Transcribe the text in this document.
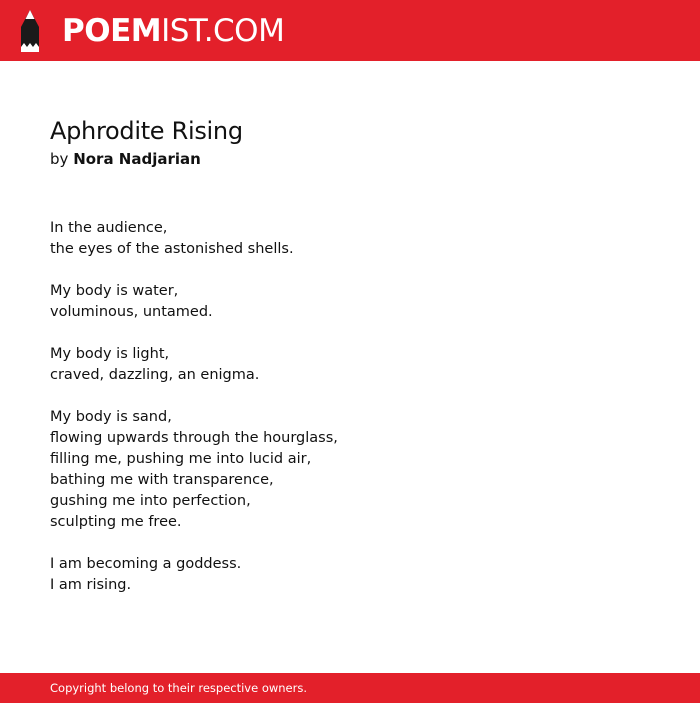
POEMIST.COM
Aphrodite Rising
by Nora Nadjarian
In the audience,
the eyes of the astonished shells.
My body is water,
voluminous, untamed.
My body is light,
craved, dazzling, an enigma.
My body is sand,
flowing upwards through the hourglass,
filling me, pushing me into lucid air,
bathing me with transparence,
gushing me into perfection,
sculpting me free.
I am becoming a goddess.
I am rising.
Copyright belong to their respective owners.
